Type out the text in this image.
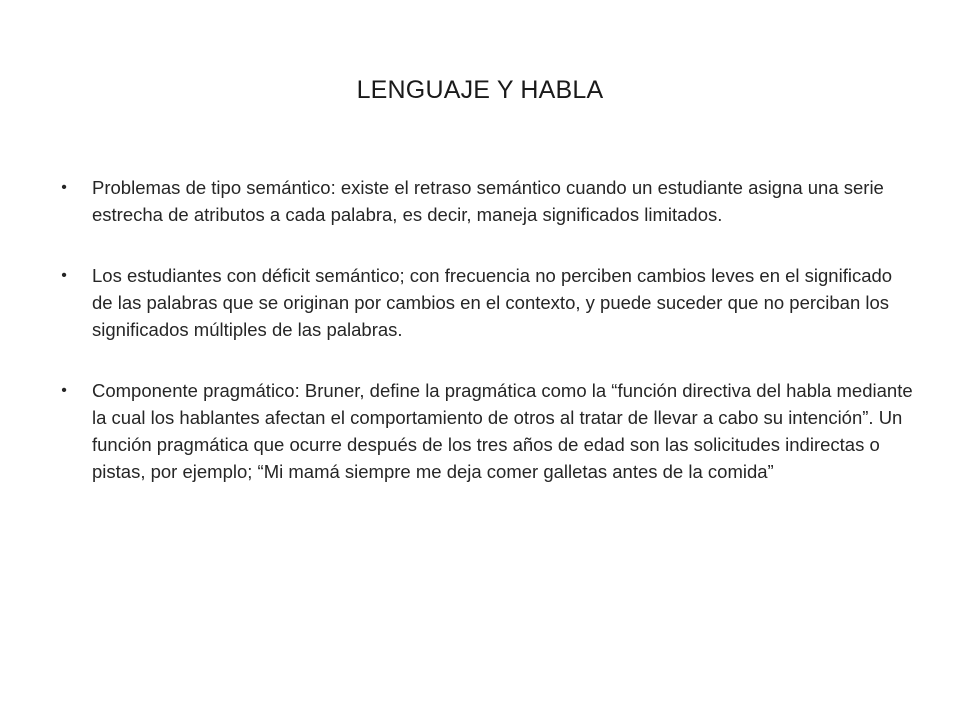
LENGUAJE Y HABLA
• Problemas de tipo semántico: existe el retraso semántico cuando un estudiante asigna una serie estrecha de atributos a cada palabra, es decir, maneja significados limitados.
• Los estudiantes con déficit semántico; con frecuencia no perciben cambios leves en el significado de las palabras que se originan por cambios en el contexto, y puede suceder que no perciban los significados múltiples de las palabras.
• Componente pragmático: Bruner, define la pragmática como la “función directiva del habla mediante la cual los hablantes afectan el comportamiento de otros al tratar de llevar a cabo su intención”. Un función pragmática que ocurre después de los tres años de edad son las solicitudes indirectas o pistas, por ejemplo; “Mi mamá siempre me deja comer galletas antes de la comida”
